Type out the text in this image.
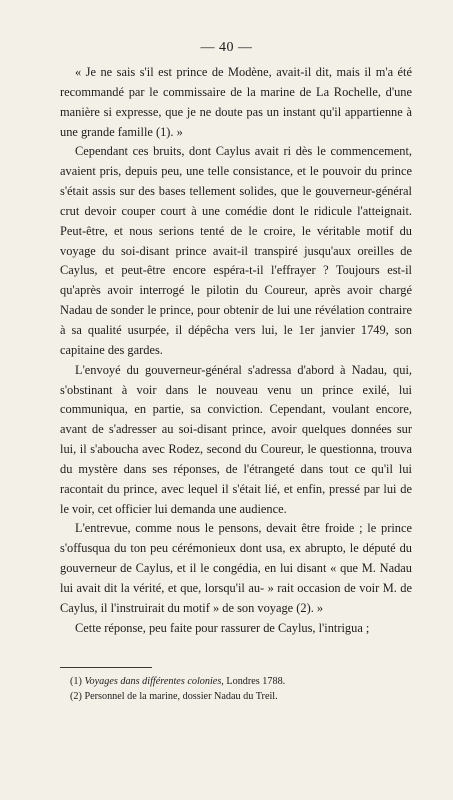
— 40 —

« Je ne sais s'il est prince de Modène, avait-il dit, mais il m'a été recommandé par le commissaire de la marine de La Rochelle, d'une manière si expresse, que je ne doute pas un instant qu'il appartienne à une grande famille (1). »

Cependant ces bruits, dont Caylus avait ri dès le commencement, avaient pris, depuis peu, une telle consistance, et le pouvoir du prince s'était assis sur des bases tellement solides, que le gouverneur-général crut devoir couper court à une comédie dont le ridicule l'atteignait. Peut-être, et nous serions tenté de le croire, le véritable motif du voyage du soi-disant prince avait-il transpiré jusqu'aux oreilles de Caylus, et peut-être encore espéra-t-il l'effrayer ? Toujours est-il qu'après avoir interrogé le pilotin du Coureur, après avoir chargé Nadau de sonder le prince, pour obtenir de lui une révélation contraire à sa qualité usurpée, il dépêcha vers lui, le 1er janvier 1749, son capitaine des gardes.

L'envoyé du gouverneur-général s'adressa d'abord à Nadau, qui, s'obstinant à voir dans le nouveau venu un prince exilé, lui communiqua, en partie, sa conviction. Cependant, voulant encore, avant de s'adresser au soi-disant prince, avoir quelques données sur lui, il s'aboucha avec Rodez, second du Coureur, le questionna, trouva du mystère dans ses réponses, de l'étrangeté dans tout ce qu'il lui racontait du prince, avec lequel il s'était lié, et enfin, pressé par lui de le voir, cet officier lui demanda une audience.

L'entrevue, comme nous le pensons, devait être froide ; le prince s'offusqua du ton peu cérémonieux dont usa, ex abrupto, le député du gouverneur de Caylus, et il le congédia, en lui disant « que M. Nadau lui avait dit la vérité, et que, lorsqu'il au- » rait occasion de voir M. de Caylus, il l'instruirait du motif » de son voyage (2). »

Cette réponse, peu faite pour rassurer de Caylus, l'intrigua ;

(1) Voyages dans différentes colonies, Londres 1788.

(2) Personnel de la marine, dossier Nadau du Treil.
